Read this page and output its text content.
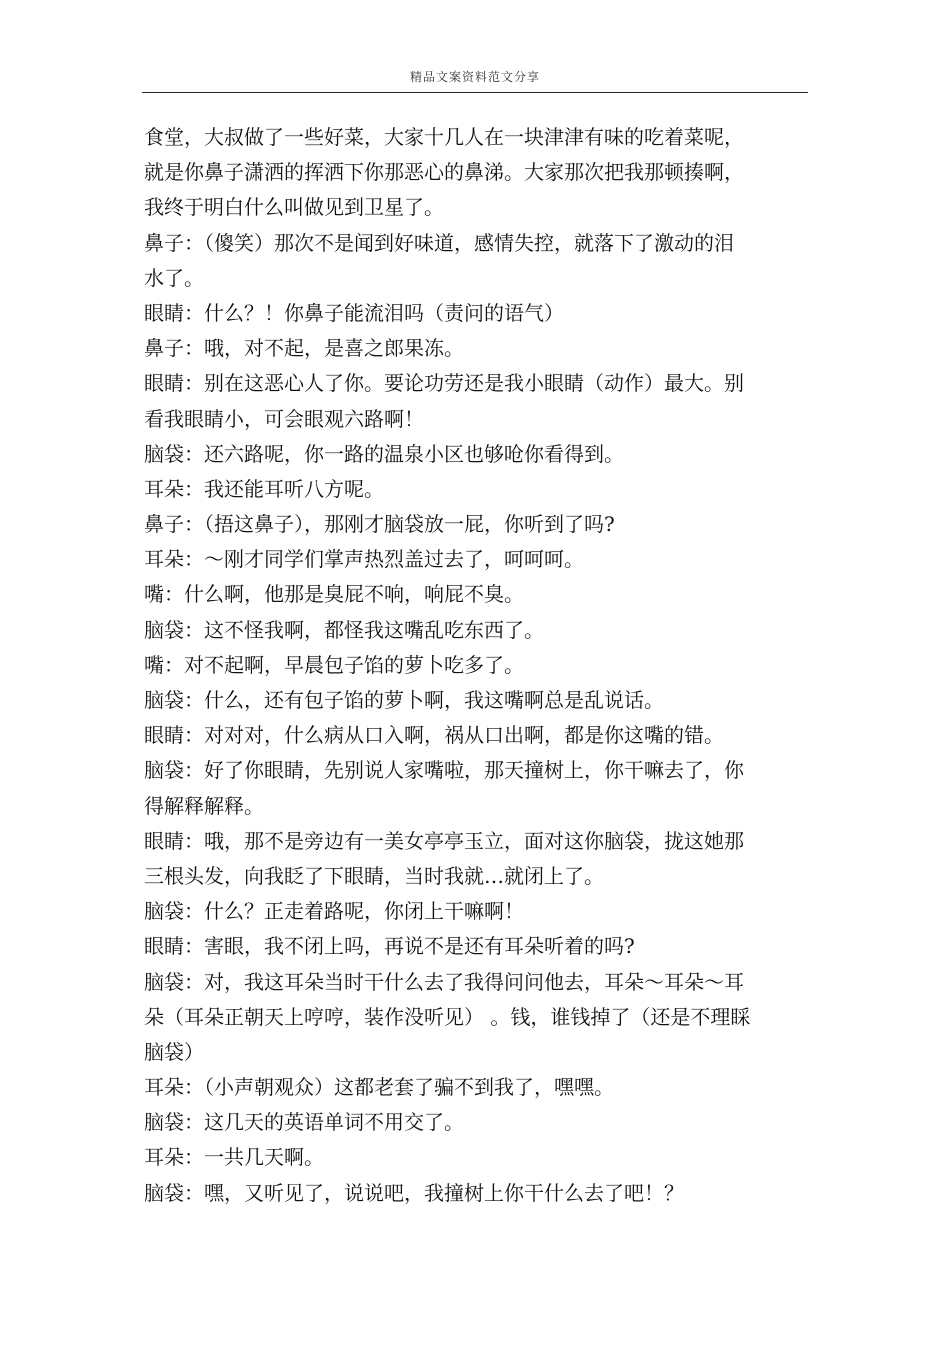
精品文案资料范文分享
食堂，大叔做了一些好菜，大家十几人在一块津津有味的吃着菜呢，
就是你鼻子潇洒的挥洒下你那恶心的鼻涕。大家那次把我那顿揍啊，
我终于明白什么叫做见到卫星了。
鼻子：（傻笑）那次不是闻到好味道，感情失控，就落下了激动的泪
水了。
眼睛：什么？！你鼻子能流泪吗（责问的语气）
鼻子：哦，对不起，是喜之郎果冻。
眼睛：别在这恶心人了你。要论功劳还是我小眼睛（动作）最大。别
看我眼睛小，可会眼观六路啊！
脑袋：还六路呢，你一路的温泉小区也够呛你看得到。
耳朵：我还能耳听八方呢。
鼻子：（捂这鼻子），那刚才脑袋放一屁，你听到了吗?
耳朵：～刚才同学们掌声热烈盖过去了，呵呵呵。
嘴：什么啊，他那是臭屁不响，响屁不臭。
脑袋：这不怪我啊，都怪我这嘴乱吃东西了。
嘴：对不起啊，早晨包子馅的萝卜吃多了。
脑袋：什么，还有包子馅的萝卜啊，我这嘴啊总是乱说话。
眼睛：对对对，什么病从口入啊，祸从口出啊，都是你这嘴的错。
脑袋：好了你眼睛，先别说人家嘴啦，那天撞树上，你干嘛去了，你
得解释解释。
眼睛：哦，那不是旁边有一美女亭亭玉立，面对这你脑袋，拢这她那
三根头发，向我眨了下眼睛，当时我就…就闭上了。
脑袋：什么？正走着路呢，你闭上干嘛啊！
眼睛：害眼，我不闭上吗，再说不是还有耳朵听着的吗?
脑袋：对，我这耳朵当时干什么去了我得问问他去，耳朵～耳朵～耳
朵（耳朵正朝天上哼哼，装作没听见） 。钱，谁钱掉了（还是不理睬
脑袋）
耳朵：（小声朝观众）这都老套了骗不到我了，嘿嘿。
脑袋：这几天的英语单词不用交了。
耳朵：一共几天啊。
脑袋：嘿，又听见了，说说吧，我撞树上你干什么去了吧！？
